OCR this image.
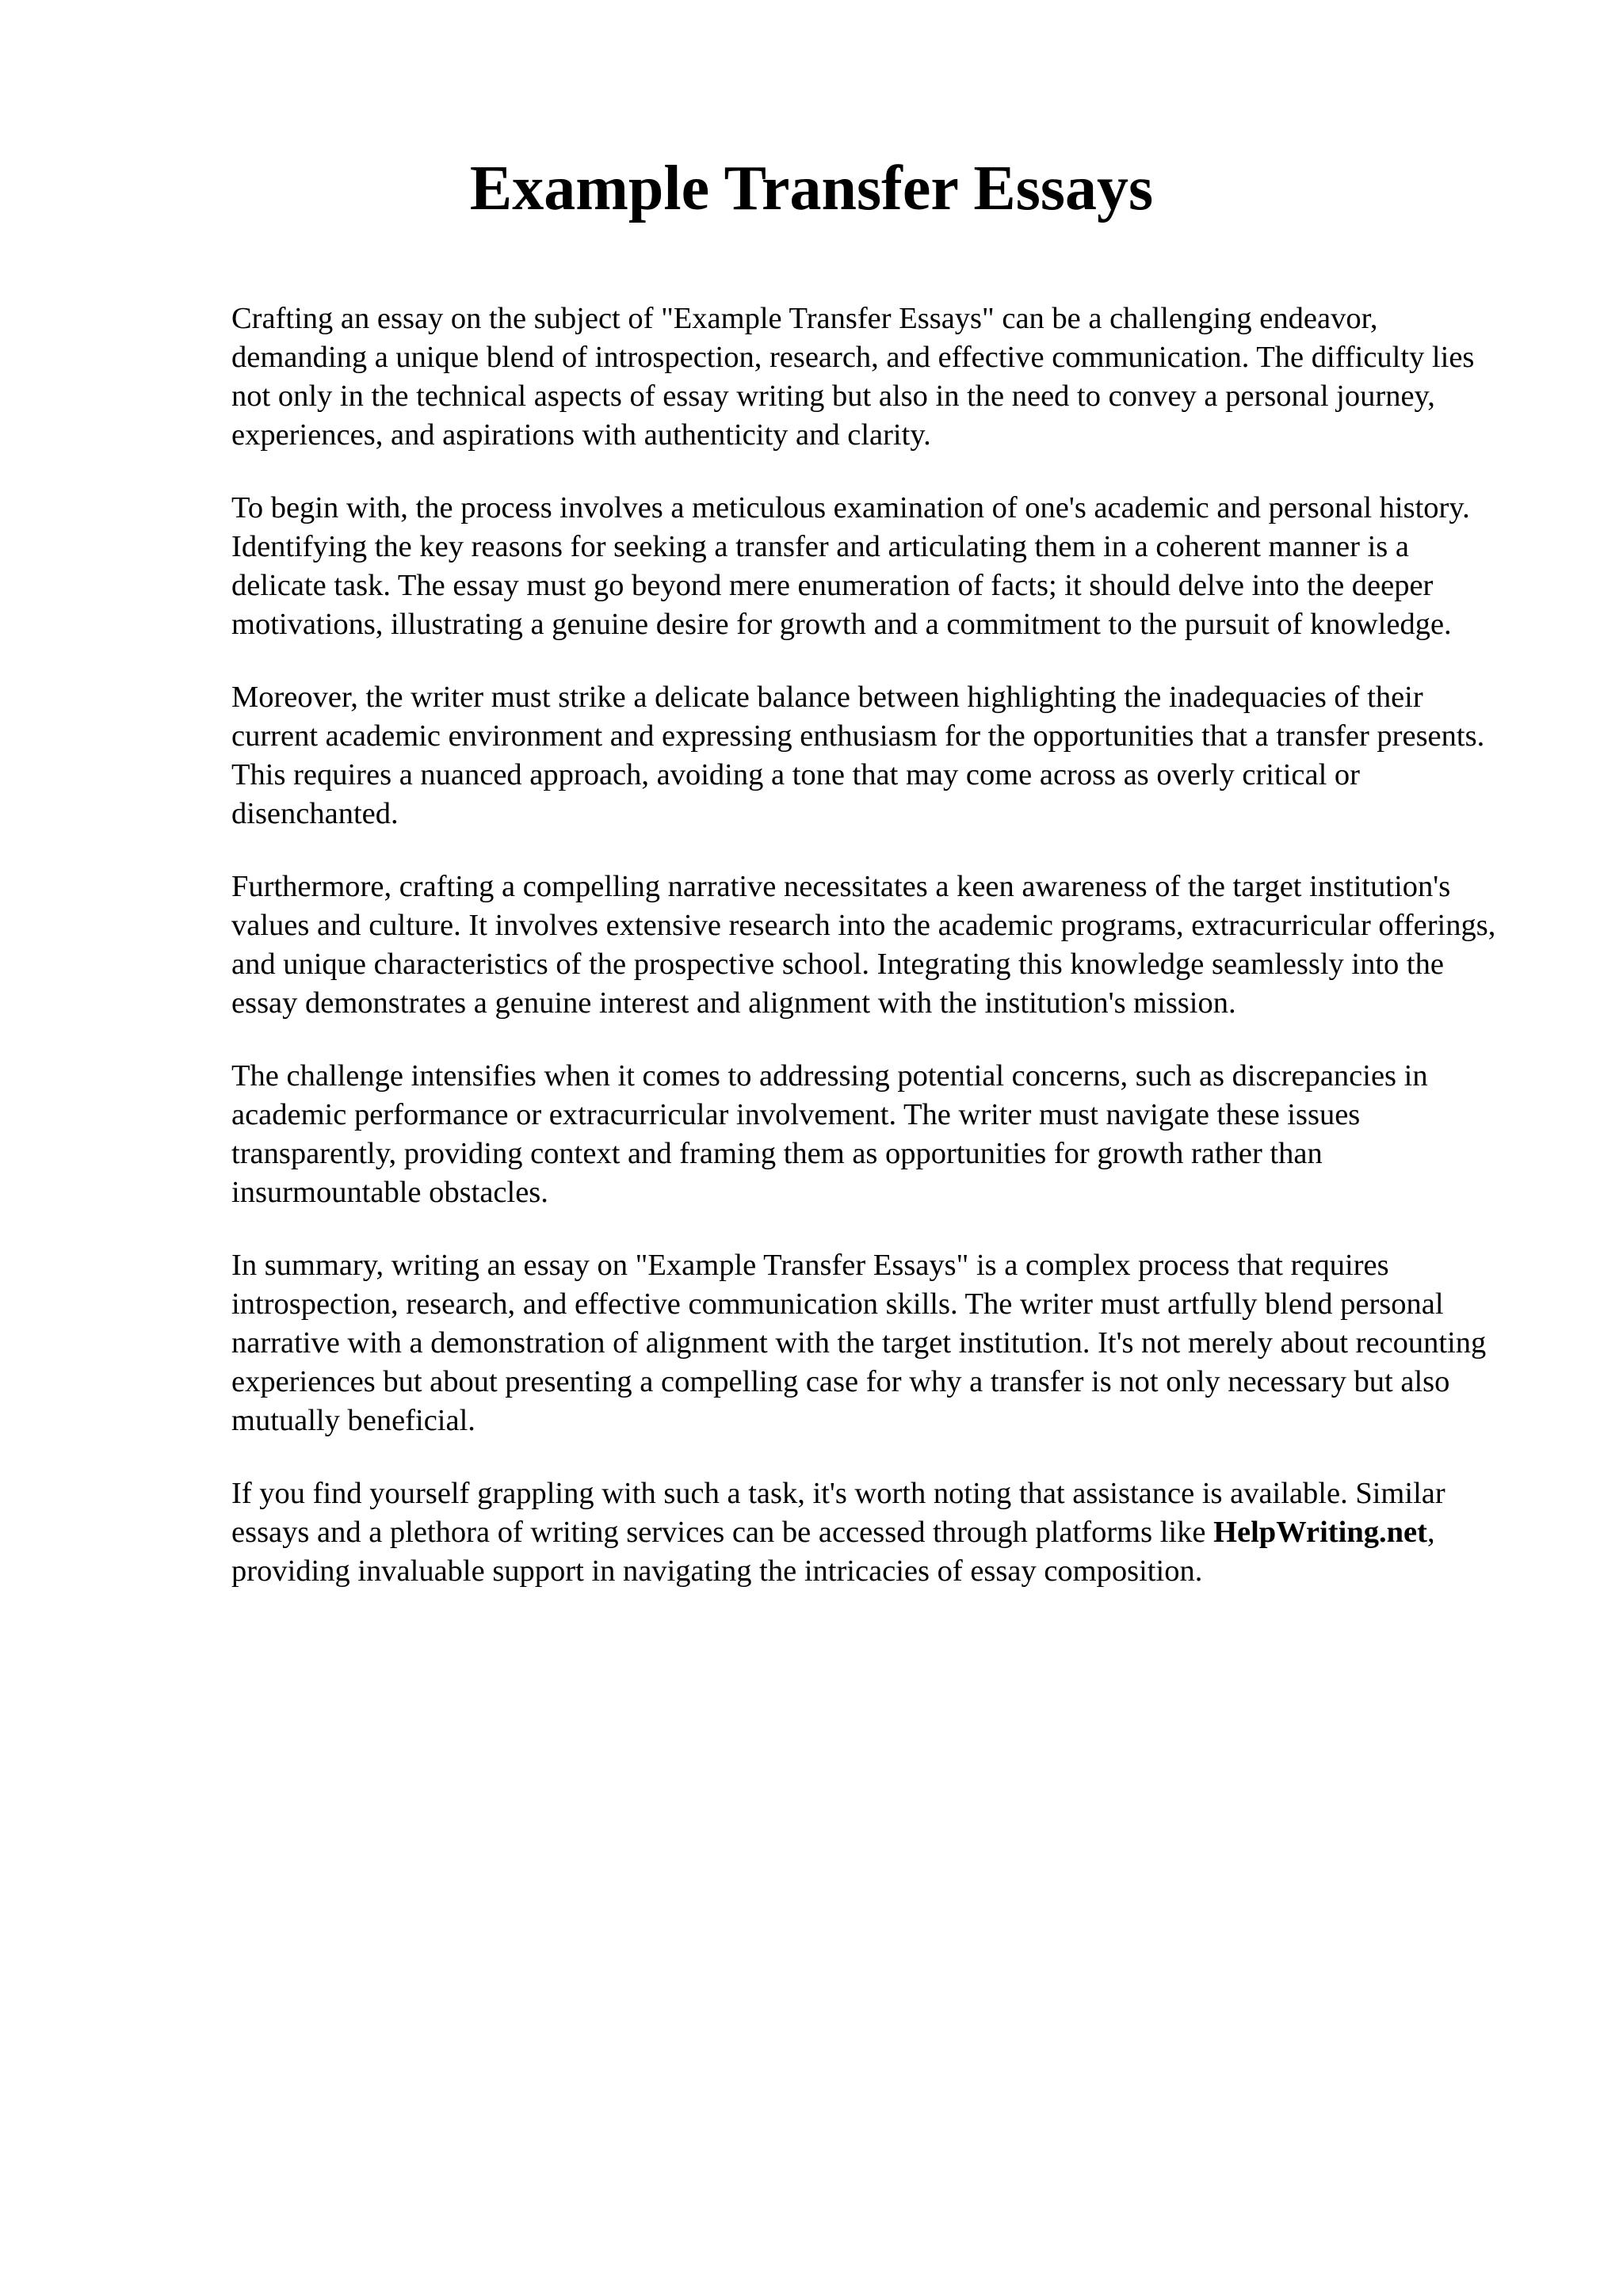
Example Transfer Essays

Crafting an essay on the subject of "Example Transfer Essays" can be a challenging endeavor, demanding a unique blend of introspection, research, and effective communication. The difficulty lies not only in the technical aspects of essay writing but also in the need to convey a personal journey, experiences, and aspirations with authenticity and clarity.

To begin with, the process involves a meticulous examination of one's academic and personal history. Identifying the key reasons for seeking a transfer and articulating them in a coherent manner is a delicate task. The essay must go beyond mere enumeration of facts; it should delve into the deeper motivations, illustrating a genuine desire for growth and a commitment to the pursuit of knowledge.

Moreover, the writer must strike a delicate balance between highlighting the inadequacies of their current academic environment and expressing enthusiasm for the opportunities that a transfer presents. This requires a nuanced approach, avoiding a tone that may come across as overly critical or disenchanted.

Furthermore, crafting a compelling narrative necessitates a keen awareness of the target institution's values and culture. It involves extensive research into the academic programs, extracurricular offerings, and unique characteristics of the prospective school. Integrating this knowledge seamlessly into the essay demonstrates a genuine interest and alignment with the institution's mission.

The challenge intensifies when it comes to addressing potential concerns, such as discrepancies in academic performance or extracurricular involvement. The writer must navigate these issues transparently, providing context and framing them as opportunities for growth rather than insurmountable obstacles.

In summary, writing an essay on "Example Transfer Essays" is a complex process that requires introspection, research, and effective communication skills. The writer must artfully blend personal narrative with a demonstration of alignment with the target institution. It's not merely about recounting experiences but about presenting a compelling case for why a transfer is not only necessary but also mutually beneficial.

If you find yourself grappling with such a task, it's worth noting that assistance is available. Similar essays and a plethora of writing services can be accessed through platforms like HelpWriting.net, providing invaluable support in navigating the intricacies of essay composition.
